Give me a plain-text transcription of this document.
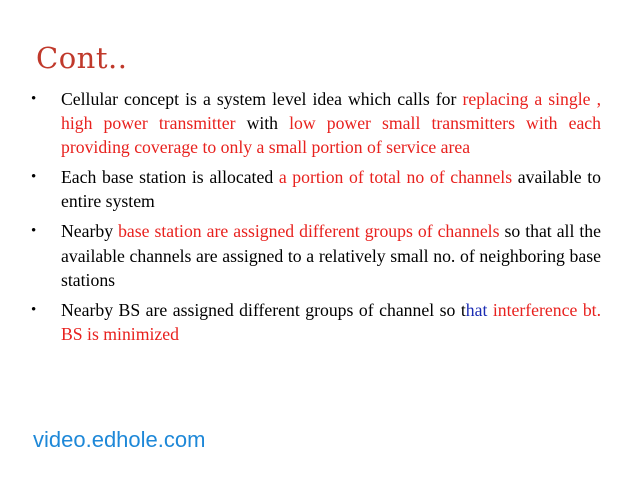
Cont..
• Cellular concept is a system level idea which calls for replacing a single , high power transmitter with low power small transmitters with each providing coverage to only a small portion of service area
• Each base station is allocated a portion of total no of channels available to entire system
• Nearby base station are assigned different groups of channels so that all the available channels are assigned to a relatively small no. of neighboring base stations
• Nearby BS are assigned different groups of channel so that interference bt. BS is minimized
video.edhole.com
